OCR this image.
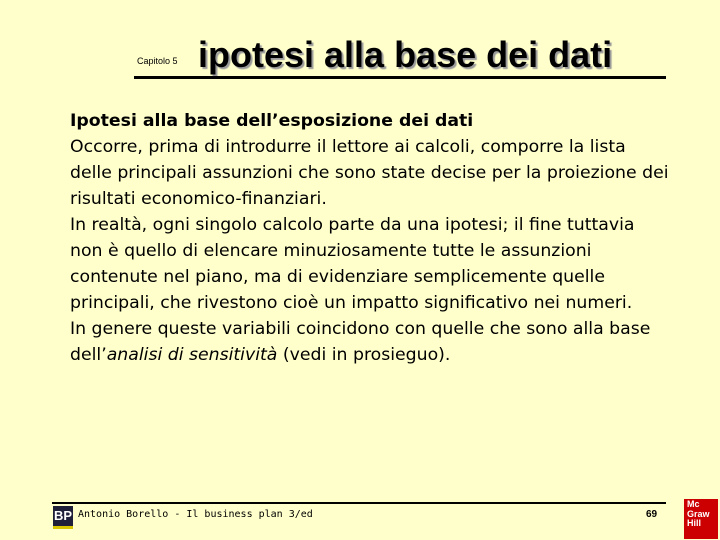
Capitolo 5 ipotesi alla base dei dati

Ipotesi alla base dell’esposizione dei dati

Occorre, prima di introdurre il lettore ai calcoli, comporre la lista delle principali assunzioni che sono state decise per la proiezione dei risultati economico-finanziari.

In realtà, ogni singolo calcolo parte da una ipotesi; il fine tuttavia non è quello di elencare minuziosamente tutte le assunzioni contenute nel piano, ma di evidenziare semplicemente quelle principali, che rivestono cioè un impatto significativo nei numeri.

In genere queste variabili coincidono con quelle che sono alla base dell’analisi di sensitività (vedi in prosieguo).

BP Antonio Borello - Il business plan 3/ed	69
Mc
Graw
Hill
